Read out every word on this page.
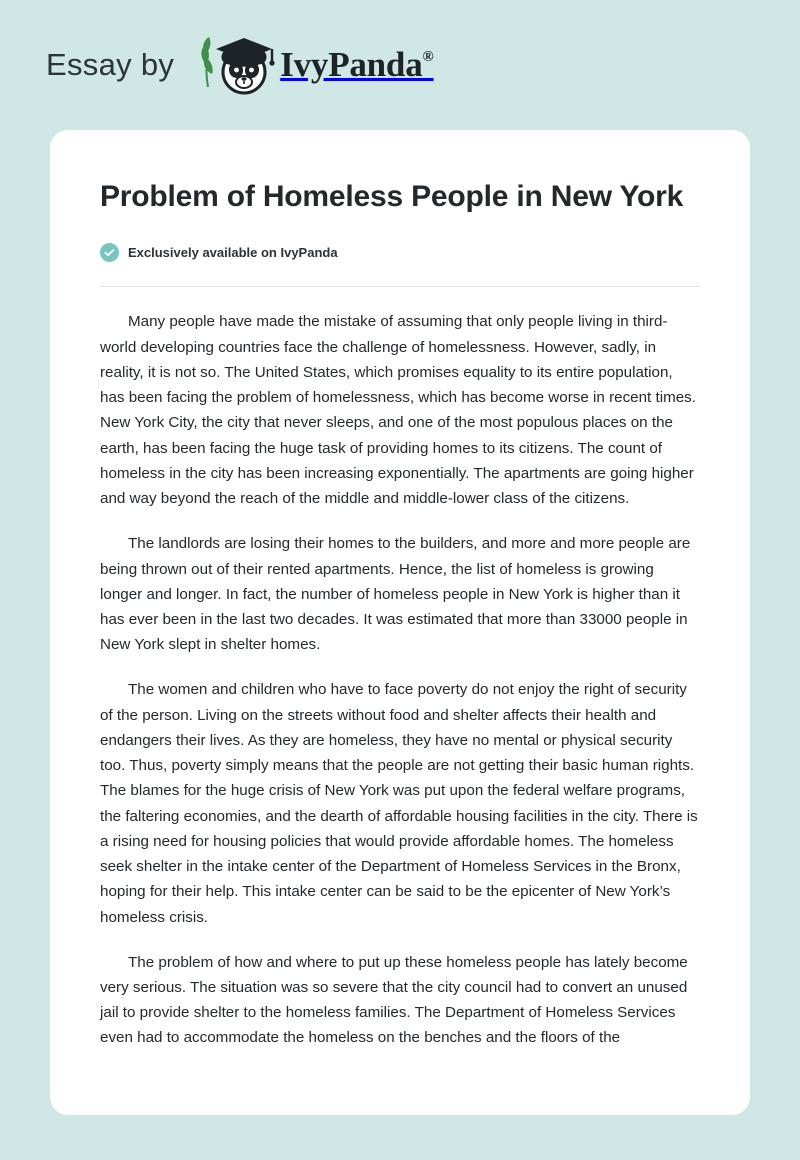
Essay by	IvyPanda®
Problem of Homeless People in New York
Exclusively available on IvyPanda

Many people have made the mistake of assuming that only people living in third-world developing countries face the challenge of homelessness. However, sadly, in reality, it is not so. The United States, which promises equality to its entire population, has been facing the problem of homelessness, which has become worse in recent times. New York City, the city that never sleeps, and one of the most populous places on the earth, has been facing the huge task of providing homes to its citizens. The count of homeless in the city has been increasing exponentially. The apartments are going higher and way beyond the reach of the middle and middle-lower class of the citizens.

The landlords are losing their homes to the builders, and more and more people are being thrown out of their rented apartments. Hence, the list of homeless is growing longer and longer. In fact, the number of homeless people in New York is higher than it has ever been in the last two decades. It was estimated that more than 33000 people in New York slept in shelter homes.

The women and children who have to face poverty do not enjoy the right of security of the person. Living on the streets without food and shelter affects their health and endangers their lives. As they are homeless, they have no mental or physical security too. Thus, poverty simply means that the people are not getting their basic human rights. The blames for the huge crisis of New York was put upon the federal welfare programs, the faltering economies, and the dearth of affordable housing facilities in the city. There is a rising need for housing policies that would provide affordable homes. The homeless seek shelter in the intake center of the Department of Homeless Services in the Bronx, hoping for their help. This intake center can be said to be the epicenter of New York’s homeless crisis.

The problem of how and where to put up these homeless people has lately become very serious. The situation was so severe that the city council had to convert an unused jail to provide shelter to the homeless families. The Department of Homeless Services even had to accommodate the homeless on the benches and the floors of the
